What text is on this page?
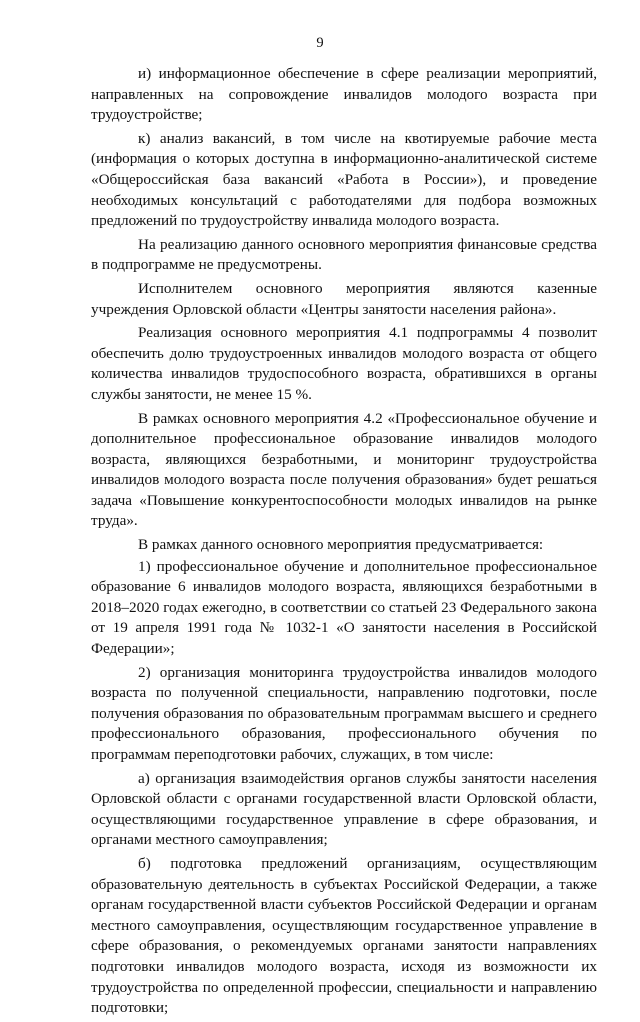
9

и) информационное обеспечение в сфере реализации мероприятий, направленных на сопровождение инвалидов молодого возраста при трудоустройстве;

к) анализ вакансий, в том числе на квотируемые рабочие места (информация о которых доступна в информационно-аналитической системе «Общероссийская база вакансий «Работа в России»), и проведение необходимых консультаций с работодателями для подбора возможных предложений по трудоустройству инвалида молодого возраста.

На реализацию данного основного мероприятия финансовые средства в подпрограмме не предусмотрены.

Исполнителем основного мероприятия являются казенные учреждения Орловской области «Центры занятости населения района».

Реализация основного мероприятия 4.1 подпрограммы 4 позволит обеспечить долю трудоустроенных инвалидов молодого возраста от общего количества инвалидов трудоспособного возраста, обратившихся в органы службы занятости, не менее 15 %.

В рамках основного мероприятия 4.2 «Профессиональное обучение и дополнительное профессиональное образование инвалидов молодого возраста, являющихся безработными, и мониторинг трудоустройства инвалидов молодого возраста после получения образования» будет решаться задача «Повышение конкурентоспособности молодых инвалидов на рынке труда».

В рамках данного основного мероприятия предусматривается:

1) профессиональное обучение и дополнительное профессиональное образование 6 инвалидов молодого возраста, являющихся безработными в 2018–2020 годах ежегодно, в соответствии со статьей 23 Федерального закона от 19 апреля 1991 года № 1032-1 «О занятости населения в Российской Федерации»;

2) организация мониторинга трудоустройства инвалидов молодого возраста по полученной специальности, направлению подготовки, после получения образования по образовательным программам высшего и среднего профессионального образования, профессионального обучения по программам переподготовки рабочих, служащих, в том числе:

а) организация взаимодействия органов службы занятости населения Орловской области с органами государственной власти Орловской области, осуществляющими государственное управление в сфере образования, и органами местного самоуправления;

б) подготовка предложений организациям, осуществляющим образовательную деятельность в субъектах Российской Федерации, а также органам государственной власти субъектов Российской Федерации и органам местного самоуправления, осуществляющим государственное управление в сфере образования, о рекомендуемых органами занятости направлениях подготовки инвалидов молодого возраста, исходя из возможности их трудоустройства по определенной профессии, специальности и направлению подготовки;
